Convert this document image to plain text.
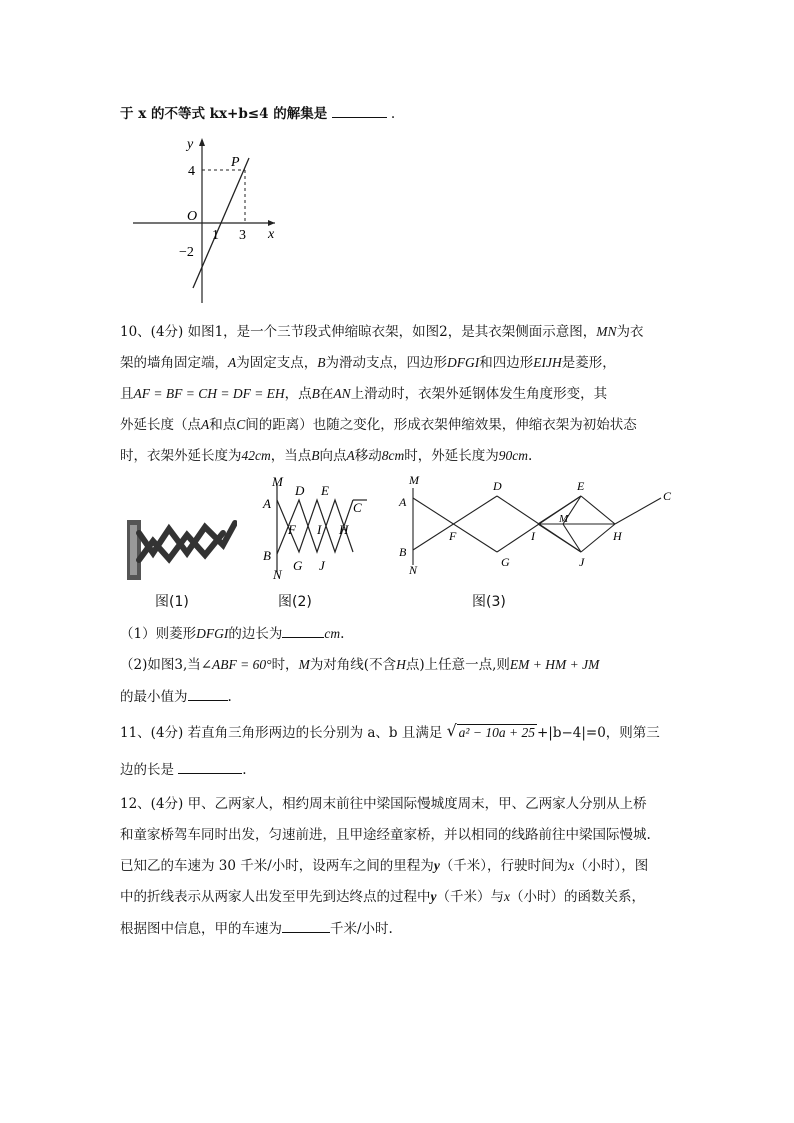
于 x 的不等式 kx+b≤4 的解集是	.
y
x
O
P
4
−2
1 3
10、(4分) 如图1，是一个三节段式伸缩晾衣架，如图2，是其衣架侧面示意图，MN为衣
架的墙角固定端，A为固定支点，B为滑动支点，四边形DFGI和四边形EIJH是菱形，
且AF = BF = CH = DF = EH，点B在AN上滑动时，衣架外延钢体发生角度形变，其
外延长度（点A和点C间的距离）也随之变化，形成衣架伸缩效果，伸缩衣架为初始状态
时，衣架外延长度为42cm，当点B向点A移动8cm时，外延长度为90cm.
图(1)
M
A
B
N
D E
C
F I H
G J
图(2)
M
A
B
N
D	E
C
F	I
M
H
G	J
图(3)
（1）则菱形DFGI的边长为	cm.
（2)如图3,当∠ABF = 60°时，M为对角线(不含H点)上任意一点,则EM + HM + JM
的最小值为	.
11、(4分) 若直角三角形两边的长分别为 a、b 且满足 √ a² − 10a + 25 +|b−4|=0，则第三
边的长是	.
12、(4分) 甲、乙两家人，相约周末前往中梁国际慢城度周末，甲、乙两家人分别从上桥
和童家桥驾车同时出发，匀速前进，且甲途经童家桥，并以相同的线路前往中梁国际慢城.
已知乙的车速为 30 千米/小时，设两车之间的里程为y（千米），行驶时间为x（小时），图
中的折线表示从两家人出发至甲先到达终点的过程中y（千米）与x（小时）的函数关系，
根据图中信息，甲的车速为	千米/小时.
